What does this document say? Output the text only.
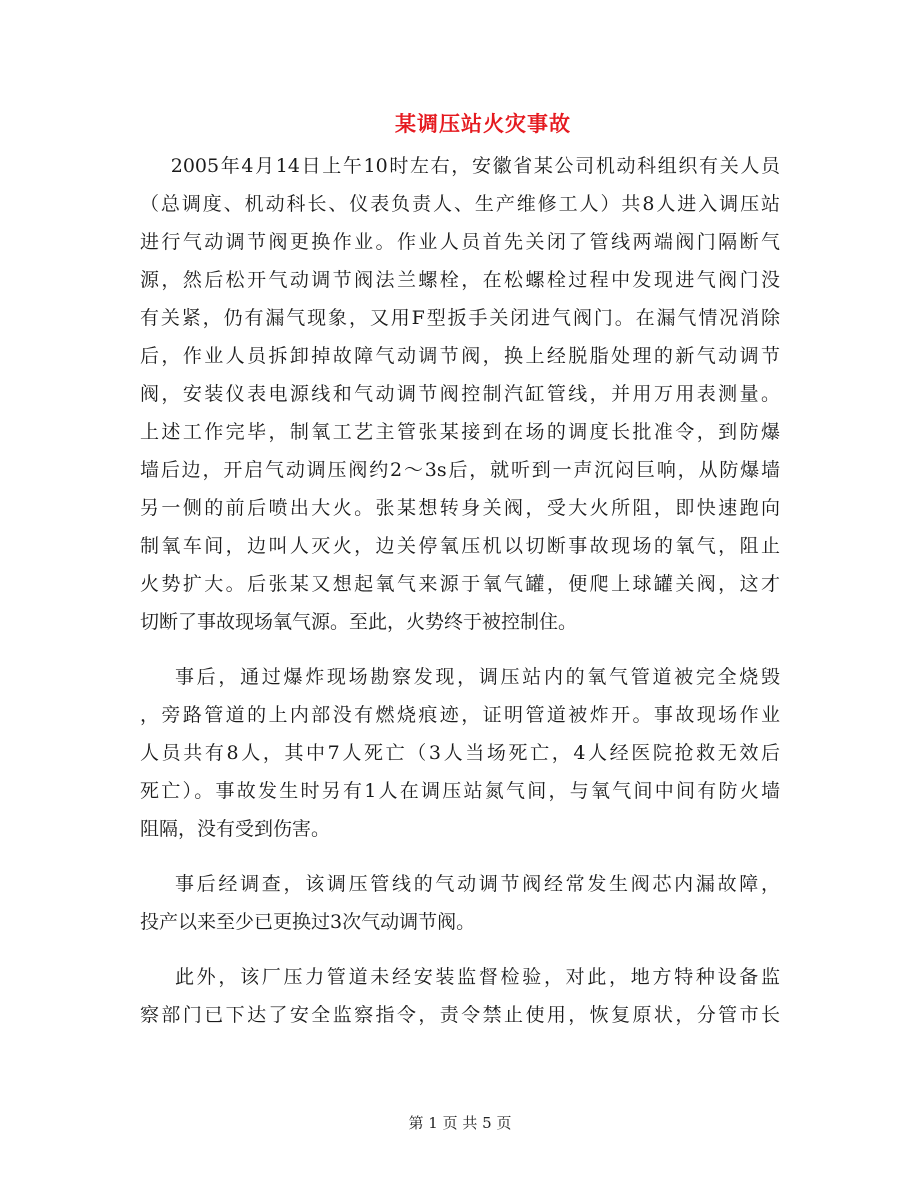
某调压站火灾事故
2005年4月14日上午10时左右，安徽省某公司机动科组织有关人员
（总调度、机动科长、仪表负责人、生产维修工人）共8人进入调压站
进行气动调节阀更换作业。作业人员首先关闭了管线两端阀门隔断气
源，然后松开气动调节阀法兰螺栓，在松螺栓过程中发现进气阀门没
有关紧，仍有漏气现象，又用F型扳手关闭进气阀门。在漏气情况消除
后，作业人员拆卸掉故障气动调节阀，换上经脱脂处理的新气动调节
阀，安装仪表电源线和气动调节阀控制汽缸管线，并用万用表测量。
上述工作完毕，制氧工艺主管张某接到在场的调度长批准令，到防爆
墙后边，开启气动调压阀约2～3s后，就听到一声沉闷巨响，从防爆墙
另一侧的前后喷出大火。张某想转身关阀，受大火所阻，即快速跑向
制氧车间，边叫人灭火，边关停氧压机以切断事故现场的氧气，阻止
火势扩大。后张某又想起氧气来源于氧气罐，便爬上球罐关阀，这才
切断了事故现场氧气源。至此，火势终于被控制住。
事后，通过爆炸现场勘察发现，调压站内的氧气管道被完全烧毁
，旁路管道的上内部没有燃烧痕迹，证明管道被炸开。事故现场作业
人员共有8人，其中7人死亡（3人当场死亡，4人经医院抢救无效后
死亡）。事故发生时另有1人在调压站氮气间，与氧气间中间有防火墙
阻隔，没有受到伤害。
事后经调查，该调压管线的气动调节阀经常发生阀芯内漏故障，
投产以来至少已更换过3次气动调节阀。
此外，该厂压力管道未经安装监督检验，对此，地方特种设备监
察部门已下达了安全监察指令，责令禁止使用，恢复原状，分管市长
第 1 页 共 5 页
